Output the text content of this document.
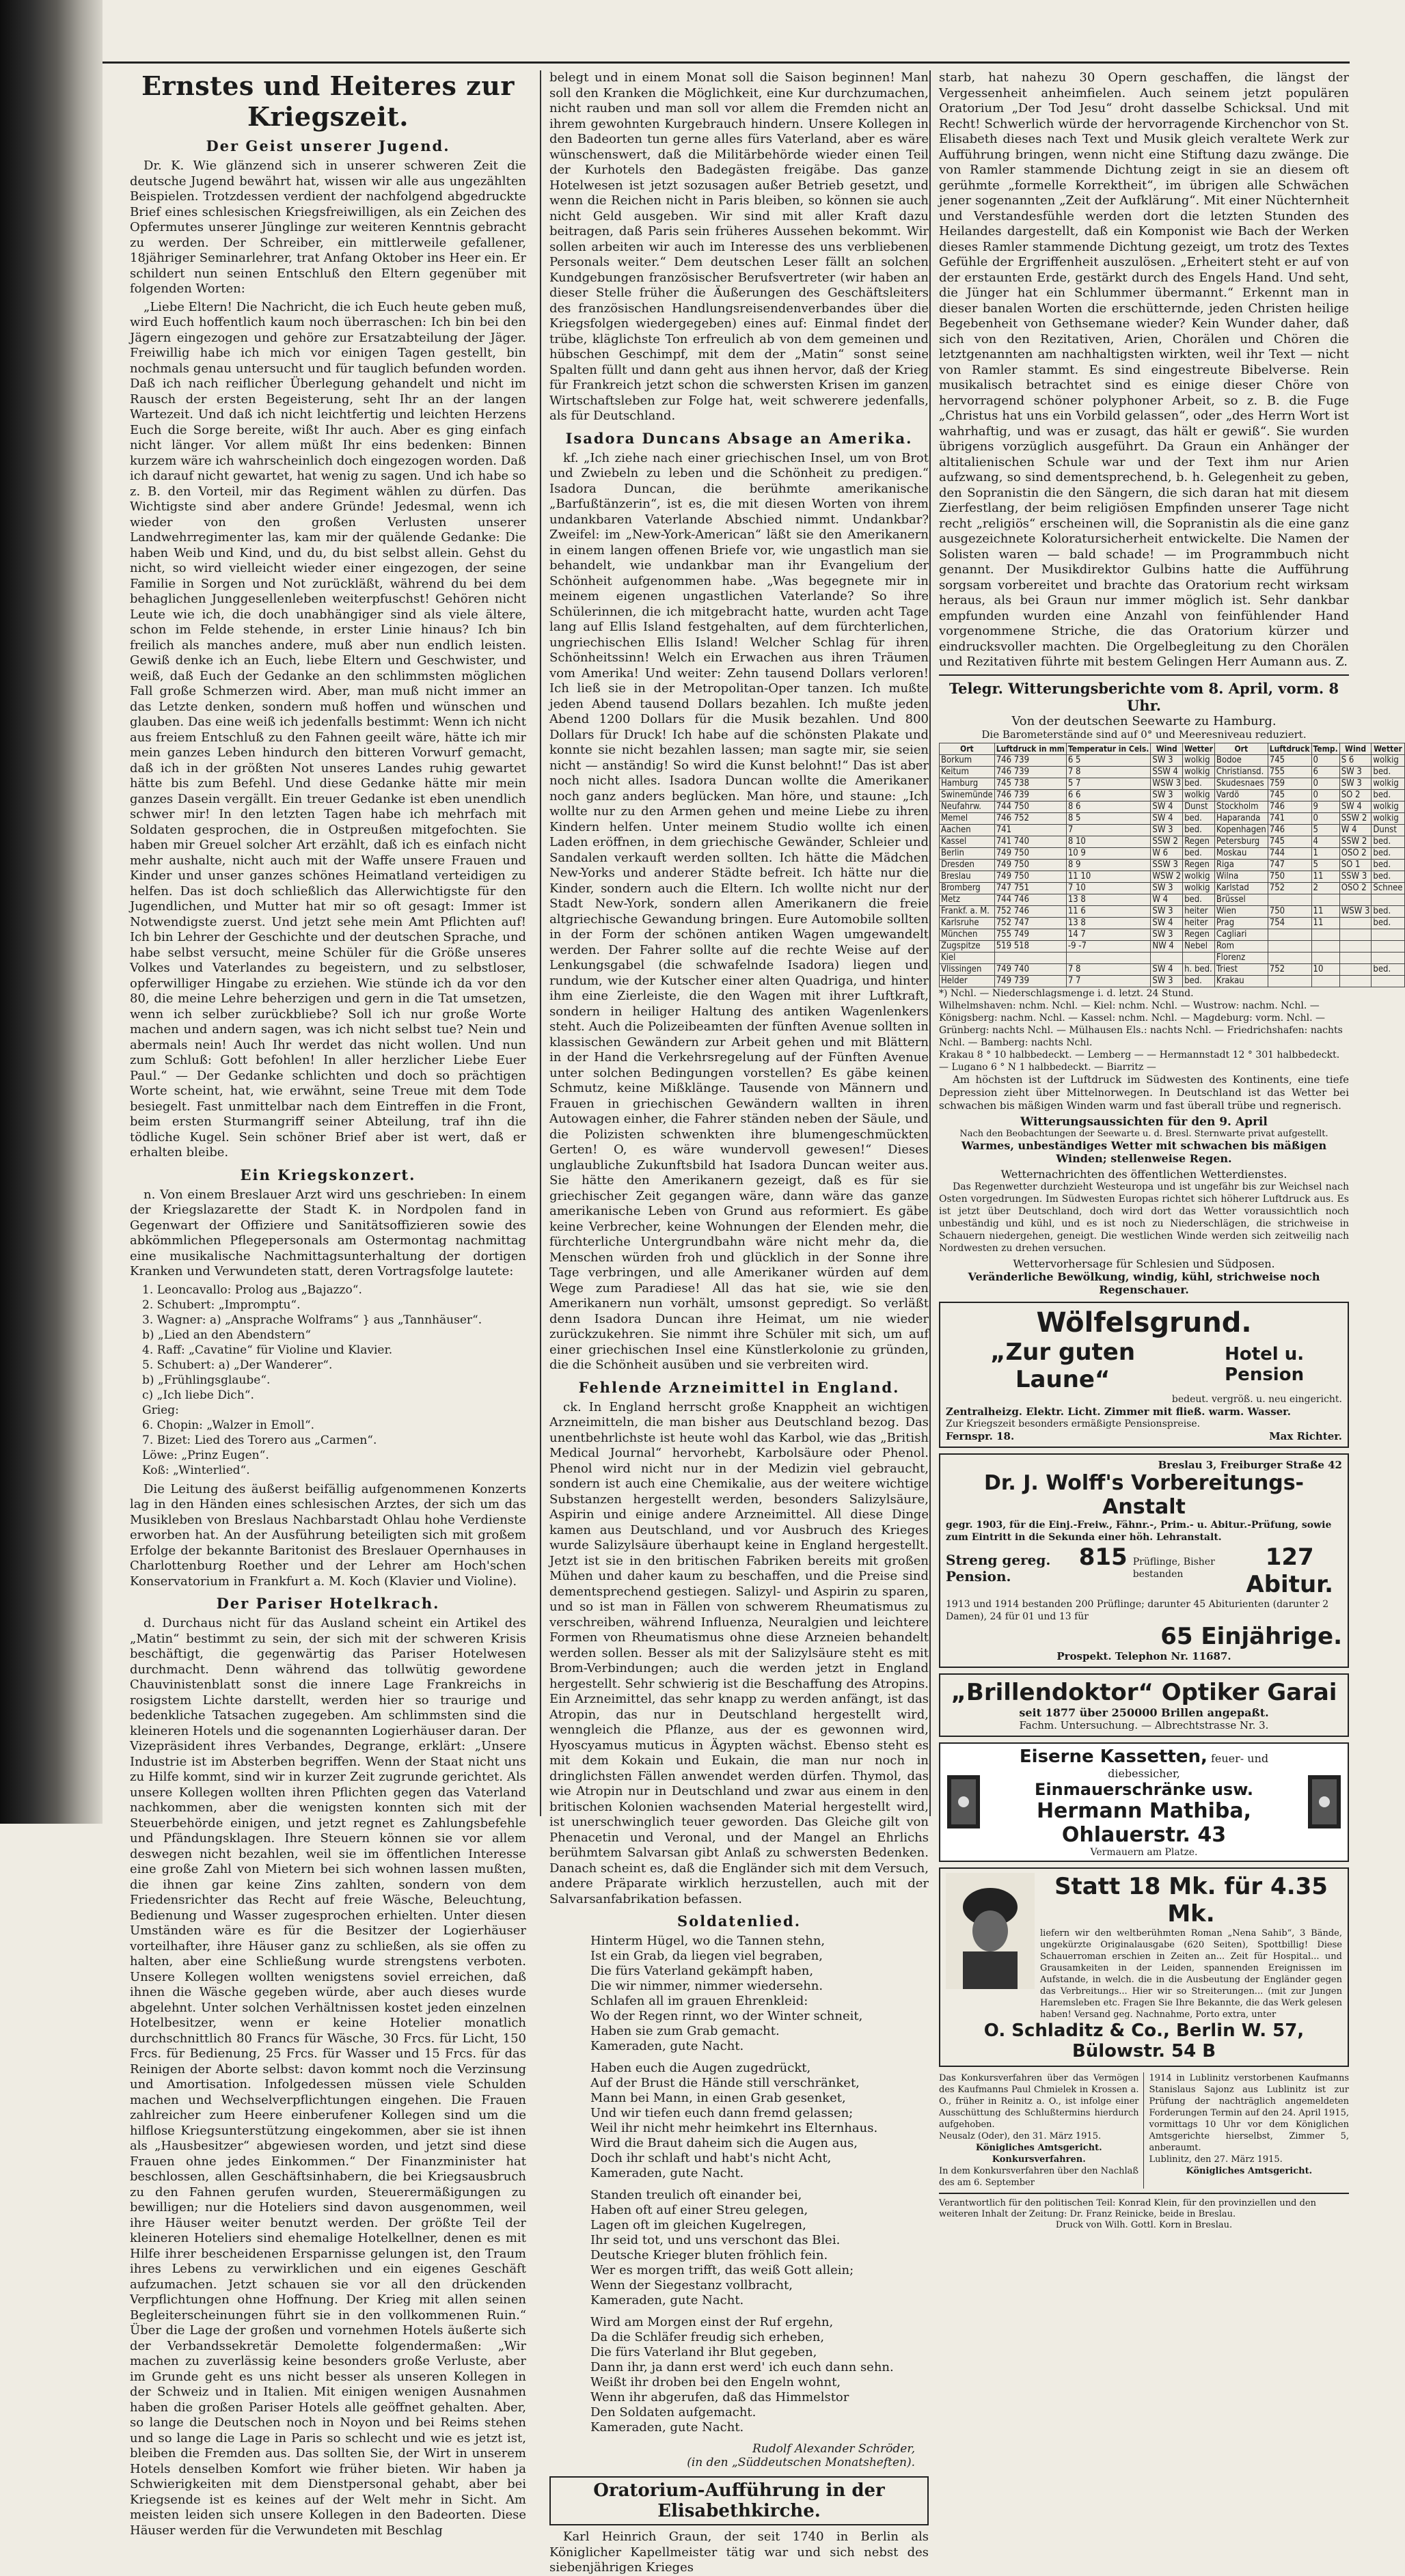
Ernstes und Heiteres zur Kriegszeit.
Der Geist unserer Jugend.

Dr. K. Wie glänzend sich in unserer schweren Zeit die deutsche Jugend bewährt hat, wissen wir alle aus ungezählten Beispielen. Trotzdessen verdient der nachfolgend abgedruckte Brief eines schlesischen Kriegsfreiwilligen, als ein Zeichen des Opfermutes unserer Jünglinge zur weiteren Kenntnis gebracht zu werden. Der Schreiber, ein mittlerweile gefallener, 18jähriger Seminarlehrer, trat Anfang Oktober ins Heer ein. Er schildert nun seinen Entschluß den Eltern gegenüber mit folgenden Worten:

„Liebe Eltern! Die Nachricht, die ich Euch heute geben muß, wird Euch hoffentlich kaum noch überraschen: Ich bin bei den Jägern eingezogen und gehöre zur Ersatzabteilung der Jäger. Freiwillig habe ich mich vor einigen Tagen gestellt, bin nochmals genau untersucht und für tauglich befunden worden. Daß ich nach reiflicher Überlegung gehandelt und nicht im Rausch der ersten Begeisterung, seht Ihr an der langen Wartezeit. Und daß ich nicht leichtfertig und leichten Herzens Euch die Sorge bereite, wißt Ihr auch. Aber es ging einfach nicht länger. Vor allem müßt Ihr eins bedenken: Binnen kurzem wäre ich wahrscheinlich doch eingezogen worden. Daß ich darauf nicht gewartet, hat wenig zu sagen. Und ich habe so z. B. den Vorteil, mir das Regiment wählen zu dürfen. Das Wichtigste sind aber andere Gründe! Jedesmal, wenn ich wieder von den großen Verlusten unserer Landwehrregimenter las, kam mir der quälende Gedanke: Die haben Weib und Kind, und du, du bist selbst allein. Gehst du nicht, so wird vielleicht wieder einer eingezogen, der seine Familie in Sorgen und Not zurückläßt, während du bei dem behaglichen Junggesellenleben weiterpfuschst! Gehören nicht Leute wie ich, die doch unabhängiger sind als viele ältere, schon im Felde stehende, in erster Linie hinaus? Ich bin freilich als manches andere, muß aber nun endlich leisten. Gewiß denke ich an Euch, liebe Eltern und Geschwister, und weiß, daß Euch der Gedanke an den schlimmsten möglichen Fall große Schmerzen wird. Aber, man muß nicht immer an das Letzte denken, sondern muß hoffen und wünschen und glauben. Das eine weiß ich jedenfalls bestimmt: Wenn ich nicht aus freiem Entschluß zu den Fahnen geeilt wäre, hätte ich mir mein ganzes Leben hindurch den bitteren Vorwurf gemacht, daß ich in der größten Not unseres Landes ruhig gewartet hätte bis zum Befehl. Und diese Gedanke hätte mir mein ganzes Dasein vergällt. Ein treuer Gedanke ist eben unendlich schwer mir! In den letzten Tagen habe ich mehrfach mit Soldaten gesprochen, die in Ostpreußen mitgefochten. Sie haben mir Greuel solcher Art erzählt, daß ich es einfach nicht mehr aushalte, nicht auch mit der Waffe unsere Frauen und Kinder und unser ganzes schönes Heimatland verteidigen zu helfen. Das ist doch schließlich das Allerwichtigste für den Jugendlichen, und Mutter hat mir so oft gesagt: Immer ist Notwendigste zuerst. Und jetzt sehe mein Amt Pflichten auf! Ich bin Lehrer der Geschichte und der deutschen Sprache, und habe selbst versucht, meine Schüler für die Größe unseres Volkes und Vaterlandes zu begeistern, und zu selbstloser, opferwilliger Hingabe zu erziehen. Wie stünde ich da vor den 80, die meine Lehre beherzigen und gern in die Tat umsetzen, wenn ich selber zurückbliebe? Soll ich nur große Worte machen und andern sagen, was ich nicht selbst tue? Nein und abermals nein! Auch Ihr werdet das nicht wollen. Und nun zum Schluß: Gott befohlen! In aller herzlicher Liebe Euer Paul.“ — Der Gedanke schlichten und doch so prächtigen Worte scheint, hat, wie erwähnt, seine Treue mit dem Tode besiegelt. Fast unmittelbar nach dem Eintreffen in die Front, beim ersten Sturmangriff seiner Abteilung, traf ihn die tödliche Kugel. Sein schöner Brief aber ist wert, daß er erhalten bleibe.

Ein Kriegskonzert.

n. Von einem Breslauer Arzt wird uns geschrieben: In einem der Kriegslazarette der Stadt K. in Nordpolen fand in Gegenwart der Offiziere und Sanitätsoffizieren sowie des abkömmlichen Pflegepersonals am Ostermontag nachmittag eine musikalische Nachmittagsunterhaltung der dortigen Kranken und Verwundeten statt, deren Vortragsfolge lautete:

1. Leoncavallo: Prolog aus „Bajazzo“.
2. Schubert: „Impromptu“.
3. Wagner: a) „Ansprache Wolframs“ } aus „Tannhäuser“.
b) „Lied an den Abendstern“
4. Raff: „Cavatine“ für Violine und Klavier.
5. Schubert: a) „Der Wanderer“.
b) „Frühlingsglaube“.
c) „Ich liebe Dich“.
Grieg:
6. Chopin: „Walzer in Emoll“.
7. Bizet: Lied des Torero aus „Carmen“.
Löwe: „Prinz Eugen“.
Koß: „Winterlied“.

Die Leitung des äußerst beifällig aufgenommenen Konzerts lag in den Händen eines schlesischen Arztes, der sich um das Musikleben von Breslaus Nachbarstadt Ohlau hohe Verdienste erworben hat. An der Ausführung beteiligten sich mit großem Erfolge der bekannte Baritonist des Breslauer Opernhauses in Charlottenburg Roether und der Lehrer am Hoch'schen Konservatorium in Frankfurt a. M. Koch (Klavier und Violine).

Der Pariser Hotelkrach.

d. Durchaus nicht für das Ausland scheint ein Artikel des „Matin“ bestimmt zu sein, der sich mit der schweren Krisis beschäftigt, die gegenwärtig das Pariser Hotelwesen durchmacht. Denn während das tollwütig gewordene Chauvinistenblatt sonst die innere Lage Frankreichs in rosigstem Lichte darstellt, werden hier so traurige und bedenkliche Tatsachen zugegeben. Am schlimmsten sind die kleineren Hotels und die sogenannten Logierhäuser daran. Der Vizepräsident ihres Verbandes, Degrange, erklärt: „Unsere Industrie ist im Absterben begriffen. Wenn der Staat nicht uns zu Hilfe kommt, sind wir in kurzer Zeit zugrunde gerichtet. Als unsere Kollegen wollten ihren Pflichten gegen das Vaterland nachkommen, aber die wenigsten konnten sich mit der Steuerbehörde einigen, und jetzt regnet es Zahlungsbefehle und Pfändungsklagen. Ihre Steuern können sie vor allem deswegen nicht bezahlen, weil sie im öffentlichen Interesse eine große Zahl von Mietern bei sich wohnen lassen mußten, die ihnen gar keine Zins zahlten, sondern von dem Friedensrichter das Recht auf freie Wäsche, Beleuchtung, Bedienung und Wasser zugesprochen erhielten. Unter diesen Umständen wäre es für die Besitzer der Logierhäuser vorteilhafter, ihre Häuser ganz zu schließen, als sie offen zu halten, aber eine Schließung wurde strengstens verboten. Unsere Kollegen wollten wenigstens soviel erreichen, daß ihnen die Wäsche gegeben würde, aber auch dieses wurde abgelehnt. Unter solchen Verhältnissen kostet jeden einzelnen Hotelbesitzer, wenn er keine Hotelier monatlich durchschnittlich 80 Francs für Wäsche, 30 Frcs. für Licht, 150 Frcs. für Bedienung, 25 Frcs. für Wasser und 15 Frcs. für das Reinigen der Aborte selbst: davon kommt noch die Verzinsung und Amortisation. Infolgedessen müssen viele Schulden machen und Wechselverpflichtungen eingehen. Die Frauen zahlreicher zum Heere einberufener Kollegen sind um die hilflose Kriegsunterstützung eingekommen, aber sie ist ihnen als „Hausbesitzer“ abgewiesen worden, und jetzt sind diese Frauen ohne jedes Einkommen.“ Der Finanzminister hat beschlossen, allen Geschäftsinhabern, die bei Kriegsausbruch zu den Fahnen gerufen wurden, Steuerermäßigungen zu bewilligen; nur die Hoteliers sind davon ausgenommen, weil ihre Häuser weiter benutzt werden. Der größte Teil der kleineren Hoteliers sind ehemalige Hotelkellner, denen es mit Hilfe ihrer bescheidenen Ersparnisse gelungen ist, den Traum ihres Lebens zu verwirklichen und ein eigenes Geschäft aufzumachen. Jetzt schauen sie vor all den drückenden Verpflichtungen ohne Hoffnung. Der Krieg mit allen seinen Begleiterscheinungen führt sie in den vollkommenen Ruin.“ Über die Lage der großen und vornehmen Hotels äußerte sich der Verbandssekretär Demolette folgendermaßen: „Wir machen zu zuverlässig keine besonders große Verluste, aber im Grunde geht es uns nicht besser als unseren Kollegen in der Schweiz und in Italien. Mit einigen wenigen Ausnahmen haben die großen Pariser Hotels alle geöffnet gehalten. Aber, so lange die Deutschen noch in Noyon und bei Reims stehen und so lange die Lage in Paris so schlecht und wie es jetzt ist, bleiben die Fremden aus. Das sollten Sie, der Wirt in unserem Hotels denselben Komfort wie früher bieten. Wir haben ja Schwierigkeiten mit dem Dienstpersonal gehabt, aber bei Kriegsende ist es keines auf der Welt mehr in Sicht. Am meisten leiden sich unsere Kollegen in den Badeorten. Diese Häuser werden für die Verwundeten mit Beschlag

belegt und in einem Monat soll die Saison beginnen! Man soll den Kranken die Möglichkeit, eine Kur durchzumachen, nicht rauben und man soll vor allem die Fremden nicht an ihrem gewohnten Kurgebrauch hindern. Unsere Kollegen in den Badeorten tun gerne alles fürs Vaterland, aber es wäre wünschenswert, daß die Militärbehörde wieder einen Teil der Kurhotels den Badegästen freigäbe. Das ganze Hotelwesen ist jetzt sozusagen außer Betrieb gesetzt, und wenn die Reichen nicht in Paris bleiben, so können sie auch nicht Geld ausgeben. Wir sind mit aller Kraft dazu beitragen, daß Paris sein früheres Aussehen bekommt. Wir sollen arbeiten wir auch im Interesse des uns verbliebenen Personals weiter.“ Dem deutschen Leser fällt an solchen Kundgebungen französischer Berufsvertreter (wir haben an dieser Stelle früher die Äußerungen des Geschäftsleiters des französischen Handlungsreisendenverbandes über die Kriegsfolgen wiedergegeben) eines auf: Einmal findet der trübe, kläglichste Ton erfreulich ab von dem gemeinen und hübschen Geschimpf, mit dem der „Matin“ sonst seine Spalten füllt und dann geht aus ihnen hervor, daß der Krieg für Frankreich jetzt schon die schwersten Krisen im ganzen Wirtschaftsleben zur Folge hat, weit schwerere jedenfalls, als für Deutschland.

Isadora Duncans Absage an Amerika.

kf. „Ich ziehe nach einer griechischen Insel, um von Brot und Zwiebeln zu leben und die Schönheit zu predigen.“ Isadora Duncan, die berühmte amerikanische „Barfußtänzerin“, ist es, die mit diesen Worten von ihrem undankbaren Vaterlande Abschied nimmt. Undankbar? Zweifel: im „New-York-American“ läßt sie den Amerikanern in einem langen offenen Briefe vor, wie ungastlich man sie behandelt, wie undankbar man ihr Evangelium der Schönheit aufgenommen habe. „Was begegnete mir in meinem eigenen ungastlichen Vaterlande? So ihre Schülerinnen, die ich mitgebracht hatte, wurden acht Tage lang auf Ellis Island festgehalten, auf dem fürchterlichen, ungriechischen Ellis Island! Welcher Schlag für ihren Schönheitssinn! Welch ein Erwachen aus ihren Träumen vom Amerika! Und weiter: Zehn tausend Dollars verloren! Ich ließ sie in der Metropolitan-Oper tanzen. Ich mußte jeden Abend tausend Dollars bezahlen. Ich mußte jeden Abend 1200 Dollars für die Musik bezahlen. Und 800 Dollars für Druck! Ich habe auf die schönsten Plakate und konnte sie nicht bezahlen lassen; man sagte mir, sie seien nicht — anständig! So wird die Kunst belohnt!“ Das ist aber noch nicht alles. Isadora Duncan wollte die Amerikaner noch ganz anders beglücken. Man höre, und staune: „Ich wollte nur zu den Armen gehen und meine Liebe zu ihren Kindern helfen. Unter meinem Studio wollte ich einen Laden eröffnen, in dem griechische Gewänder, Schleier und Sandalen verkauft werden sollten. Ich hätte die Mädchen New-Yorks und anderer Städte befreit. Ich hätte nur die Kinder, sondern auch die Eltern. Ich wollte nicht nur der Stadt New-York, sondern allen Amerikanern die freie altgriechische Gewandung bringen. Eure Automobile sollten in der Form der schönen antiken Wagen umgewandelt werden. Der Fahrer sollte auf die rechte Weise auf der Lenkungsgabel (die schwafelnde Isadora) liegen und rundum, wie der Kutscher einer alten Quadriga, und hinter ihm eine Zierleiste, die den Wagen mit ihrer Luftkraft, sondern in heiliger Haltung des antiken Wagenlenkers steht. Auch die Polizeibeamten der fünften Avenue sollten in klassischen Gewändern zur Arbeit gehen und mit Blättern in der Hand die Verkehrsregelung auf der Fünften Avenue unter solchen Bedingungen vorstellen? Es gäbe keinen Schmutz, keine Mißklänge. Tausende von Männern und Frauen in griechischen Gewändern wallten in ihren Autowagen einher, die Fahrer ständen neben der Säule, und die Polizisten schwenkten ihre blumengeschmückten Gerten! O, es wäre wundervoll gewesen!“ Dieses unglaubliche Zukunftsbild hat Isadora Duncan weiter aus. Sie hätte den Amerikanern gezeigt, daß es für sie griechischer Zeit gegangen wäre, dann wäre das ganze amerikanische Leben von Grund aus reformiert. Es gäbe keine Verbrecher, keine Wohnungen der Elenden mehr, die fürchterliche Untergrundbahn wäre nicht mehr da, die Menschen würden froh und glücklich in der Sonne ihre Tage verbringen, und alle Amerikaner würden auf dem Wege zum Paradiese! All das hat sie, wie sie den Amerikanern nun vorhält, umsonst gepredigt. So verläßt denn Isadora Duncan ihre Heimat, um nie wieder zurückzukehren. Sie nimmt ihre Schüler mit sich, um auf einer griechischen Insel eine Künstlerkolonie zu gründen, die die Schönheit ausüben und sie verbreiten wird.

Fehlende Arzneimittel in England.

ck. In England herrscht große Knappheit an wichtigen Arzneimitteln, die man bisher aus Deutschland bezog. Das unentbehrlichste ist heute wohl das Karbol, wie das „British Medical Journal“ hervorhebt, Karbolsäure oder Phenol. Phenol wird nicht nur in der Medizin viel gebraucht, sondern ist auch eine Chemikalie, aus der weitere wichtige Substanzen hergestellt werden, besonders Salizylsäure, Aspirin und einige andere Arzneimittel. All diese Dinge kamen aus Deutschland, und vor Ausbruch des Krieges wurde Salizylsäure überhaupt keine in England hergestellt. Jetzt ist sie in den britischen Fabriken bereits mit großen Mühen und daher kaum zu beschaffen, und die Preise sind dementsprechend gestiegen. Salizyl- und Aspirin zu sparen, und so ist man in Fällen von schwerem Rheumatismus zu verschreiben, während Influenza, Neuralgien und leichtere Formen von Rheumatismus ohne diese Arzneien behandelt werden sollen. Besser als mit der Salizylsäure steht es mit Brom-Verbindungen; auch die werden jetzt in England hergestellt. Sehr schwierig ist die Beschaffung des Atropins. Ein Arzneimittel, das sehr knapp zu werden anfängt, ist das Atropin, das nur in Deutschland hergestellt wird, wenngleich die Pflanze, aus der es gewonnen wird, Hyoscyamus muticus in Ägypten wächst. Ebenso steht es mit dem Kokain und Eukain, die man nur noch in dringlichsten Fällen anwendet werden dürfen. Thymol, das wie Atropin nur in Deutschland und zwar aus einem in den britischen Kolonien wachsenden Material hergestellt wird, ist unerschwinglich teuer geworden. Das Gleiche gilt von Phenacetin und Veronal, und der Mangel an Ehrlichs berühmtem Salvarsan gibt Anlaß zu schwersten Bedenken. Danach scheint es, daß die Engländer sich mit dem Versuch, andere Präparate wirklich herzustellen, auch mit der Salvarsanfabrikation befassen.

Soldatenlied.
Hinterm Hügel, wo die Tannen stehn,
Ist ein Grab, da liegen viel begraben,
Die fürs Vaterland gekämpft haben,
Die wir nimmer, nimmer wiedersehn.
Schlafen all im grauen Ehrenkleid:
Wo der Regen rinnt, wo der Winter schneit,
Haben sie zum Grab gemacht.
Kameraden, gute Nacht.
Haben euch die Augen zugedrückt,
Auf der Brust die Hände still verschränket,
Mann bei Mann, in einen Grab gesenket,
Und wir tiefen euch dann fremd gelassen;
Weil ihr nicht mehr heimkehrt ins Elternhaus.
Wird die Braut daheim sich die Augen aus,
Doch ihr schlaft und habt's nicht Acht,
Kameraden, gute Nacht.
Standen treulich oft einander bei,
Haben oft auf einer Streu gelegen,
Lagen oft im gleichen Kugelregen,
Ihr seid tot, und uns verschont das Blei.
Deutsche Krieger bluten fröhlich fein.
Wer es morgen trifft, das weiß Gott allein;
Wenn der Siegestanz vollbracht,
Kameraden, gute Nacht.
Wird am Morgen einst der Ruf ergehn,
Da die Schläfer freudig sich erheben,
Die fürs Vaterland ihr Blut gegeben,
Dann ihr, ja dann erst werd' ich euch dann sehn.
Weißt ihr droben bei den Engeln wohnt,
Wenn ihr abgerufen, daß das Himmelstor
Den Soldaten aufgemacht.
Kameraden, gute Nacht.
Rudolf Alexander Schröder,
(in den „Süddeutschen Monatsheften).
Oratorium-Aufführung in der Elisabethkirche.

Karl Heinrich Graun, der seit 1740 in Berlin als Königlicher Kapellmeister tätig war und sich nebst des siebenjährigen Krieges

starb, hat nahezu 30 Opern geschaffen, die längst der Vergessenheit anheimfielen. Auch seinem jetzt populären Oratorium „Der Tod Jesu“ droht dasselbe Schicksal. Und mit Recht! Schwerlich würde der hervorragende Kirchenchor von St. Elisabeth dieses nach Text und Musik gleich veraltete Werk zur Aufführung bringen, wenn nicht eine Stiftung dazu zwänge. Die von Ramler stammende Dichtung zeigt in sie an diesem oft gerühmte „formelle Korrektheit“, im übrigen alle Schwächen jener sogenannten „Zeit der Aufklärung“. Mit einer Nüchternheit und Verstandesfühle werden dort die letzten Stunden des Heilandes dargestellt, daß ein Komponist wie Bach der Werken dieses Ramler stammende Dichtung gezeigt, um trotz des Textes Gefühle der Ergriffenheit auszulösen. „Erheitert steht er auf von der erstaunten Erde, gestärkt durch des Engels Hand. Und seht, die Jünger hat ein Schlummer übermannt.“ Erkennt man in dieser banalen Worten die erschütternde, jeden Christen heilige Begebenheit von Gethsemane wieder? Kein Wunder daher, daß sich von den Rezitativen, Arien, Chorälen und Chören die letztgenannten am nachhaltigsten wirkten, weil ihr Text — nicht von Ramler stammt. Es sind eingestreute Bibelverse. Rein musikalisch betrachtet sind es einige dieser Chöre von hervorragend schöner polyphoner Arbeit, so z. B. die Fuge „Christus hat uns ein Vorbild gelassen“, oder „des Herrn Wort ist wahrhaftig, und was er zusagt, das hält er gewiß“. Sie wurden übrigens vorzüglich ausgeführt. Da Graun ein Anhänger der altitalienischen Schule war und der Text ihm nur Arien aufzwang, so sind dementsprechend, b. h. Gelegenheit zu geben, den Sopranistin die den Sängern, die sich daran hat mit diesem Zierfestlang, der beim religiösen Empfinden unserer Tage nicht recht „religiös“ erscheinen will, die Sopranistin als die eine ganz ausgezeichnete Koloratursicherheit entwickelte. Die Namen der Solisten waren — bald schade! — im Programmbuch nicht genannt. Der Musikdirektor Gulbins hatte die Aufführung sorgsam vorbereitet und brachte das Oratorium recht wirksam heraus, als bei Graun nur immer möglich ist. Sehr dankbar empfunden wurden eine Anzahl von feinfühlender Hand vorgenommene Striche, die das Oratorium kürzer und eindrucksvoller machten. Die Orgelbegleitung zu den Chorälen und Rezitativen führte mit bestem Gelingen Herr Aumann aus. Z.

Telegr. Witterungsberichte vom 8. April, vorm. 8 Uhr.
Von der deutschen Seewarte zu Hamburg.
Die Barometerstände sind auf 0° und Meeresniveau reduziert.
Ort	Luftdruck in mm	Temperatur in Cels.	Wind	Wetter	Ort	Luftdruck	Temp.	Wind	Wetter
Borkum	746 739	6 5	SW 3	wolkig	Bodoe	745	0	S 6	wolkig
Keitum	746 739	7 8	SSW 4	wolkig	Christiansd.	755	6	SW 3	bed.
Hamburg	745 738	5 7	WSW 3	bed.	Skudesnaes	759	0	SW 3	wolkig
Swinemünde	746 739	6 6	SW 3	wolkig	Vardö	745	0	SO 2	bed.
Neufahrw.	744 750	8 6	SW 4	Dunst	Stockholm	746	9	SW 4	wolkig
Memel	746 752	8 5	SW 4	bed.	Haparanda	741	0	SSW 2	wolkig
Aachen	741	7	SW 3	bed.	Kopenhagen	746	5	W 4	Dunst
Kassel	741 740	8 10	SSW 2	Regen	Petersburg	745	4	SSW 2	bed.
Berlin	749 750	10 9	W 6	bed.	Moskau	744	1	OSO 2	bed.
Dresden	749 750	8 9	SSW 3	Regen	Riga	747	5	SO 1	bed.
Breslau	749 750	11 10	WSW 2	wolkig	Wilna	750	11	SSW 3	bed.
Bromberg	747 751	7 10	SW 3	wolkig	Karlstad	752	2	OSO 2	Schnee
Metz	744 746	13 8	W 4	bed.	Brüssel				
Frankf. a. M.	752 746	11 6	SW 3	heiter	Wien	750	11	WSW 3	bed.
Karlsruhe	752 747	13 8	SW 4	heiter	Prag	754	11		bed.
München	755 749	14 7	SW 3	Regen	Cagliari				
Zugspitze	519 518	-9 -7	NW 4	Nebel	Rom				
Kiel					Florenz				
Vlissingen	749 740	7 8	SW 4	h. bed.	Triest	752	10		bed.
Helder	749 739	7 7	SW 3	bed.	Krakau				
*) Nchl. — Niederschlagsmenge i. d. letzt. 24 Stund.
Wilhelmshaven: nchm. Nchl. — Kiel: nchm. Nchl. — Wustrow: nachm. Nchl. — Königsberg: nachm. Nchl. — Kassel: nchm. Nchl. — Magdeburg: vorm. Nchl. — Grünberg: nachts Nchl. — Mülhausen Els.: nachts Nchl. — Friedrichshafen: nachts Nchl. — Bamberg: nachts Nchl.
Krakau 8 ° 10 halbbedeckt. — Lemberg — — Hermannstadt 12 ° 301 halbbedeckt. — Lugano 6 ° N 1 halbbedeckt. — Biarritz —

Am höchsten ist der Luftdruck im Südwesten des Kontinents, eine tiefe Depression zieht über Mittelnorwegen. In Deutschland ist das Wetter bei schwachen bis mäßigen Winden warm und fast überall trübe und regnerisch.

Witterungsaussichten für den 9. April
Nach den Beobachtungen der Seewarte u. d. Bresl. Sternwarte privat aufgestellt.
Warmes, unbeständiges Wetter mit schwachen bis mäßigen Winden; stellenweise Regen.
Wetternachrichten des öffentlichen Wetterdienstes.

Das Regenwetter durchzieht Westeuropa und ist ungefähr bis zur Weichsel nach Osten vorgedrungen. Im Südwesten Europas richtet sich höherer Luftdruck aus. Es ist jetzt über Deutschland, doch wird dort das Wetter voraussichtlich noch unbeständig und kühl, und es ist noch zu Niederschlägen, die strichweise in Schauern niedergehen, geneigt. Die westlichen Winde werden sich zeitweilig nach Nordwesten zu drehen versuchen.

Wettervorhersage für Schlesien und Südposen.
Veränderliche Bewölkung, windig, kühl, strichweise noch Regenschauer.
Wölfelsgrund.
„Zur guten Laune“
Hotel u. Pension
bedeut. vergröß. u. neu eingericht.
Zentralheizg. Elektr. Licht. Zimmer mit fließ. warm. Wasser.
Zur Kriegszeit besonders ermäßigte Pensionspreise.
Fernspr. 18.	Max Richter.
Breslau 3, Freiburger Straße 42
Dr. J. Wolff's Vorbereitungs-Anstalt
gegr. 1903, für die Einj.-Freiw., Fähnr.-, Prim.- u. Abitur.-Prüfung, sowie zum Eintritt in die Sekunda einer höh. Lehranstalt.
Streng gereg. Pension.
815 Prüflinge, Bisher bestanden
127 Abitur.
1913 und 1914 bestanden 200 Prüflinge; darunter 45 Abiturienten (darunter 2 Damen), 24 für 01 und 13 für
65 Einjährige.
Prospekt. Telephon Nr. 11687.
„Brillendoktor“ Optiker Garai
seit 1877 über 250000 Brillen angepaßt.
Fachm. Untersuchung. — Albrechtstrasse Nr. 3.
Eiserne Kassetten, feuer- und diebessicher,
Einmauerschränke usw.
Hermann Mathiba, Ohlauerstr. 43
Vermauern am Platze.
Statt 18 Mk. für 4.35 Mk.
liefern wir den weltberühmten Roman „Nena Sahib“, 3 Bände, ungekürzte Originalausgabe (620 Seiten), Spottbillig! Diese Schauerroman erschien in Zeiten an... Zeit für Hospital... und Grausamkeiten in der Leiden, spannenden Ereignissen im Aufstande, in welch. die in die Ausbeutung der Engländer gegen das Verbreitungs... Hier wir so Streiterungen... (mit zur Jungen Haremsleben etc. Fragen Sie Ihre Bekannte, die das Werk gelesen haben! Versand geg. Nachnahme, Porto extra, unter
O. Schladitz & Co., Berlin W. 57, Bülowstr. 54 B
Das Konkursverfahren über das Vermögen des Kaufmanns Paul Chmielek in Krossen a. O., früher in Reinitz a. O., ist infolge einer Ausschüttung des Schlußtermins hierdurch aufgehoben.
Neusalz (Oder), den 31. März 1915.
Königliches Amtsgericht.
Konkursverfahren.
In dem Konkursverfahren über den Nachlaß des am 6. September
1914 in Lublinitz verstorbenen Kaufmanns Stanislaus Sajonz aus Lublinitz ist zur Prüfung der nachträglich angemeldeten Forderungen Termin auf den 24. April 1915, vormittags 10 Uhr vor dem Königlichen Amtsgerichte hierselbst, Zimmer 5, anberaumt.
Lublinitz, den 27. März 1915.
Königliches Amtsgericht.
Verantwortlich für den politischen Teil: Konrad Klein, für den provinziellen und den weiteren Inhalt der Zeitung: Dr. Franz Reinicke, beide in Breslau.
Druck von Wilh. Gottl. Korn in Breslau.
